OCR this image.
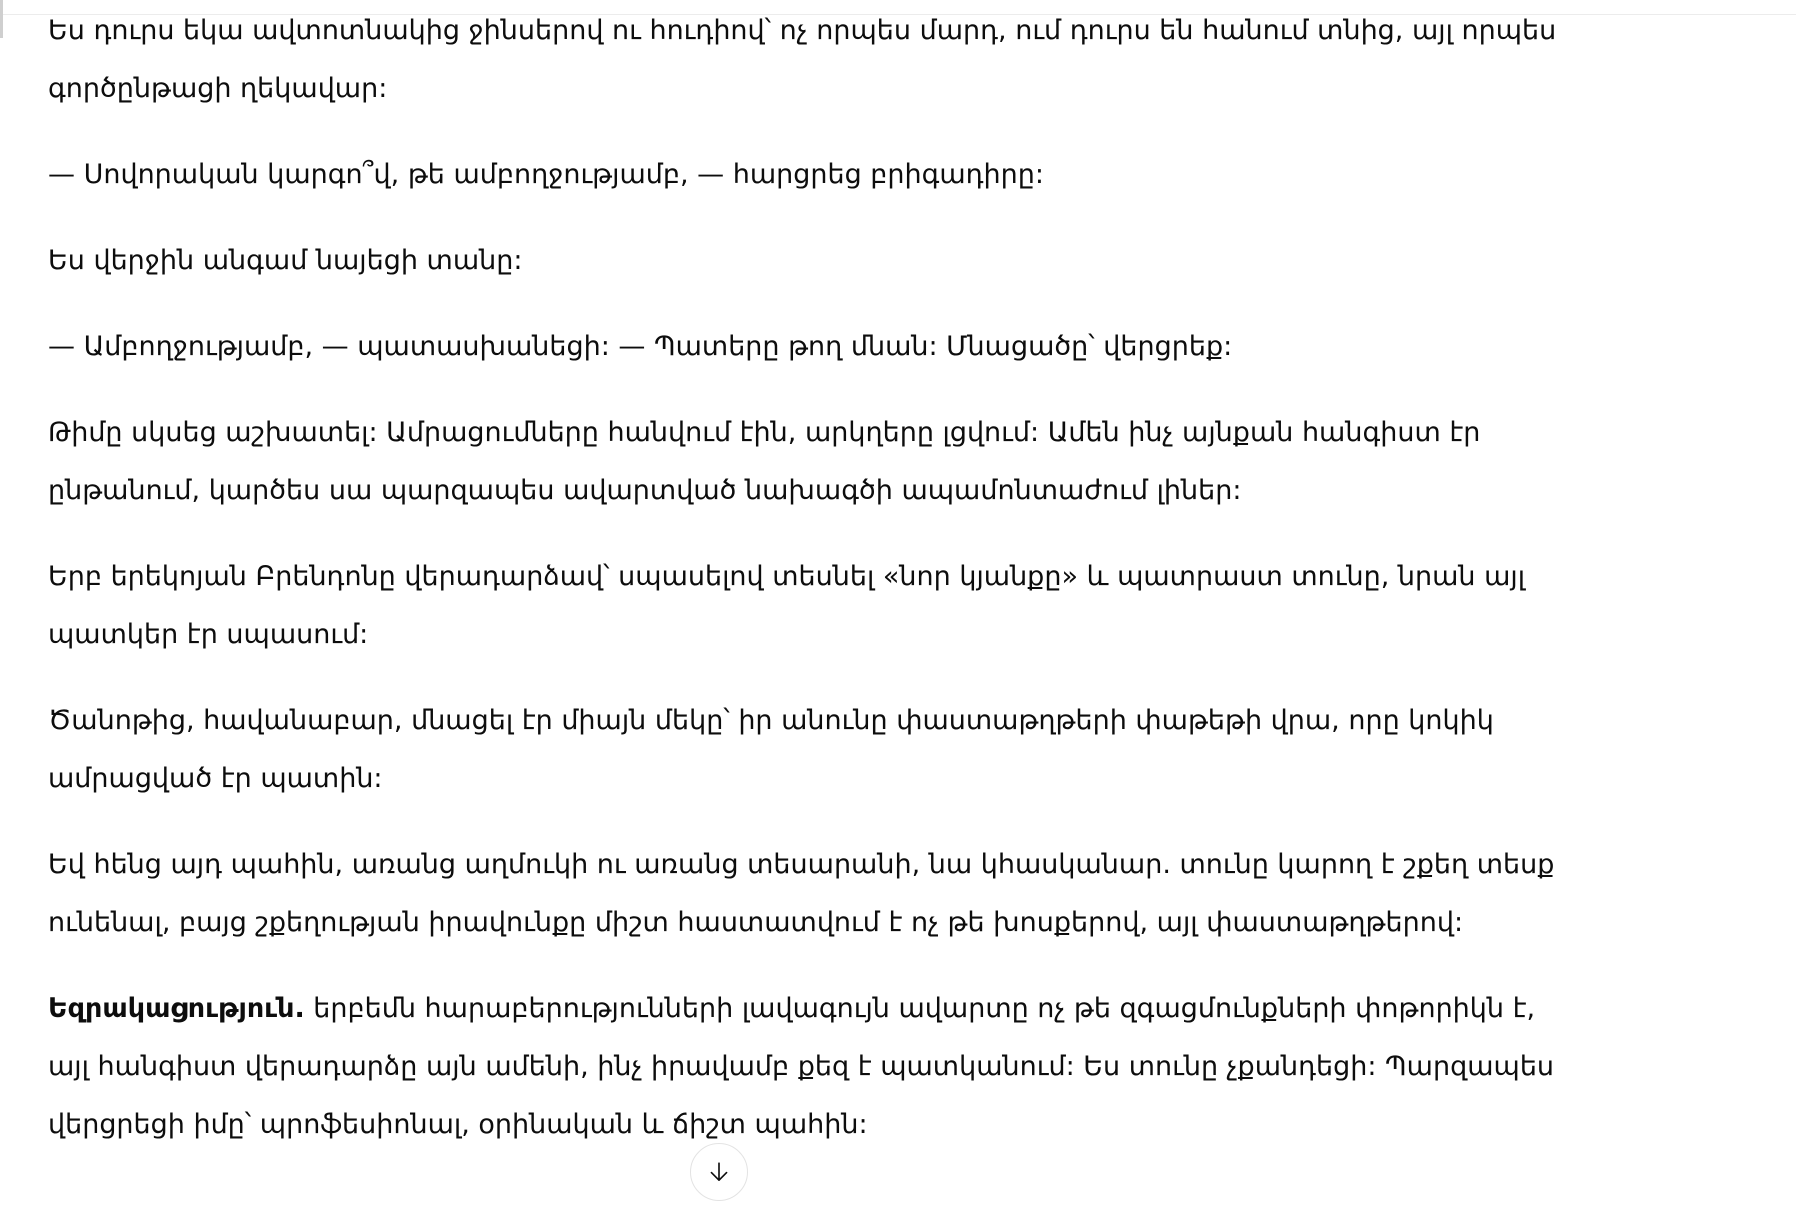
Ես դուրս եկա ավտոտնակից ջինսերով ու հուդիով՝ ոչ որպես մարդ, ում դուրս են հանում տնից, այլ որպես գործընթացի ղեկավար:

— Սովորական կարգո՞վ, թե ամբողջությամբ, — հարցրեց բրիգադիրը:

Ես վերջին անգամ նայեցի տանը:

— Ամբողջությամբ, — պատասխանեցի: — Պատերը թող մնան: Մնացածը՝ վերցրեք:

Թիմը սկսեց աշխատել: Ամրացումները հանվում էին, արկղերը լցվում: Ամեն ինչ այնքան հանգիստ էր ընթանում, կարծես սա պարզապես ավարտված նախագծի ապամոնտաժում լիներ:

Երբ երեկոյան Բրենդոնը վերադարձավ՝ սպասելով տեսնել «նոր կյանքը» և պատրաստ տունը, նրան այլ պատկեր էր սպասում:

Ծանոթից, հավանաբար, մնացել էր միայն մեկը՝ իր անունը փաստաթղթերի փաթեթի վրա, որը կոկիկ ամրացված էր պատին:

Եվ հենց այդ պահին, առանց աղմուկի ու առանց տեսարանի, նա կհասկանար. տունը կարող է շքեղ տեսք ունենալ, բայց շքեղության իրավունքը միշտ հաստատվում է ոչ թե խոսքերով, այլ փաստաթղթերով:

Եզրակացություն. երբեմն հարաբերությունների լավագույն ավարտը ոչ թե զգացմունքների փոթորիկն է, այլ հանգիստ վերադարձը այն ամենի, ինչ իրավամբ քեզ է պատկանում: Ես տունը չքանդեցի: Պարզապես վերցրեցի իմը՝ պրոֆեսիոնալ, օրինական և ճիշտ պահին:
